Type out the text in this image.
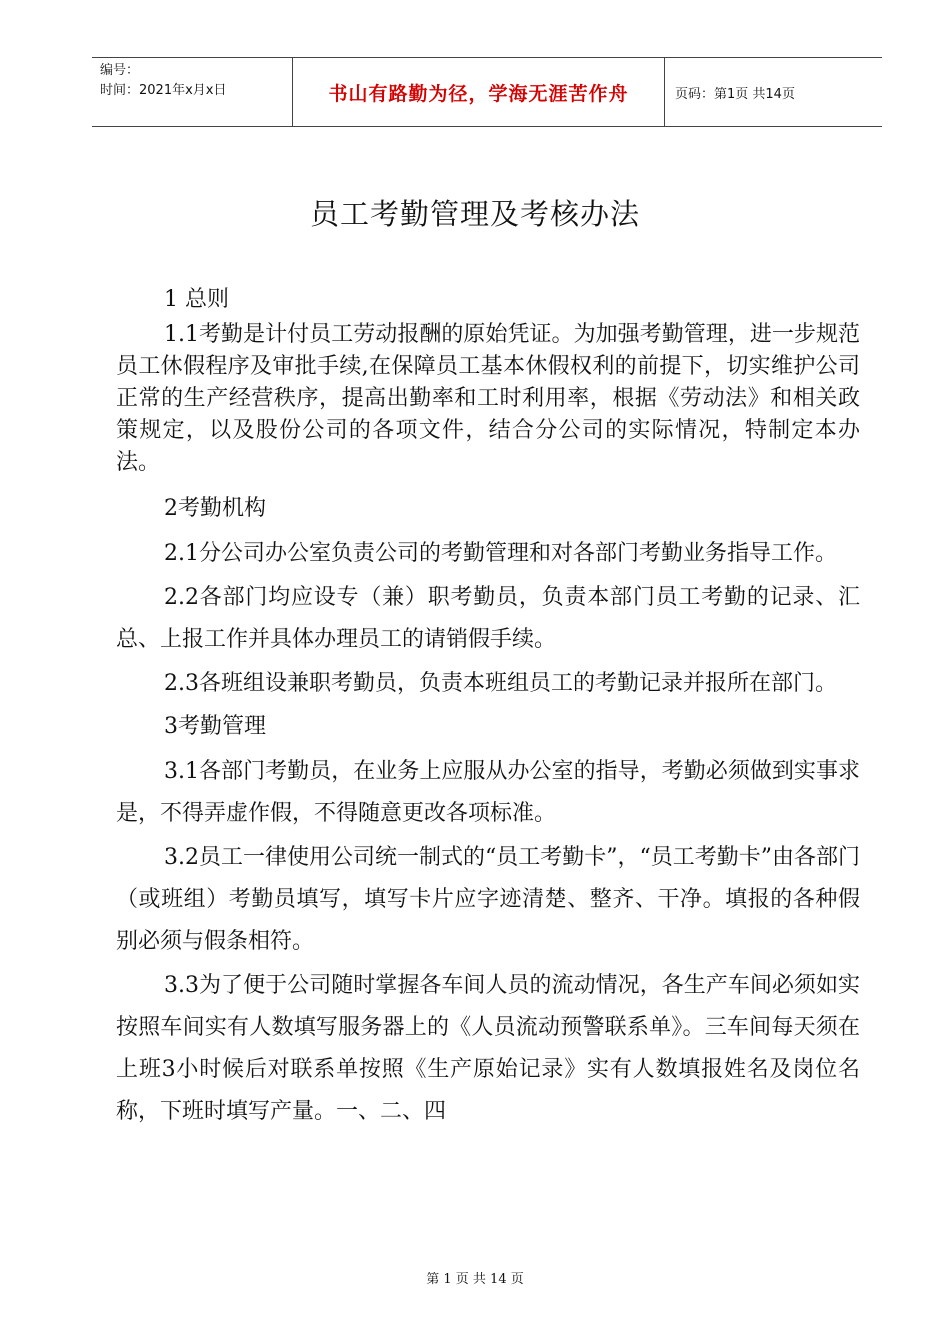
编号：
时间：2021年x月x日	书山有路勤为径，学海无涯苦作舟	页码：第1页 共14页
员工考勤管理及考核办法

1 总则

1.1考勤是计付员工劳动报酬的原始凭证。为加强考勤管理，进一步规范员工休假程序及审批手续,在保障员工基本休假权利的前提下，切实维护公司正常的生产经营秩序，提高出勤率和工时利用率，根据《劳动法》和相关政策规定，以及股份公司的各项文件，结合分公司的实际情况，特制定本办法。

2考勤机构

2.1分公司办公室负责公司的考勤管理和对各部门考勤业务指导工作。

2.2各部门均应设专（兼）职考勤员，负责本部门员工考勤的记录、汇总、上报工作并具体办理员工的请销假手续。

2.3各班组设兼职考勤员，负责本班组员工的考勤记录并报所在部门。

3考勤管理

3.1各部门考勤员，在业务上应服从办公室的指导，考勤必须做到实事求是，不得弄虚作假，不得随意更改各项标准。

3.2员工一律使用公司统一制式的“员工考勤卡”，“员工考勤卡”由各部门（或班组）考勤员填写，填写卡片应字迹清楚、整齐、干净。填报的各种假别必须与假条相符。

3.3为了便于公司随时掌握各车间人员的流动情况，各生产车间必须如实按照车间实有人数填写服务器上的《人员流动预警联系单》。三车间每天须在上班3小时候后对联系单按照《生产原始记录》实有人数填报姓名及岗位名称，下班时填写产量。一、二、四

第 1 页 共 14 页
